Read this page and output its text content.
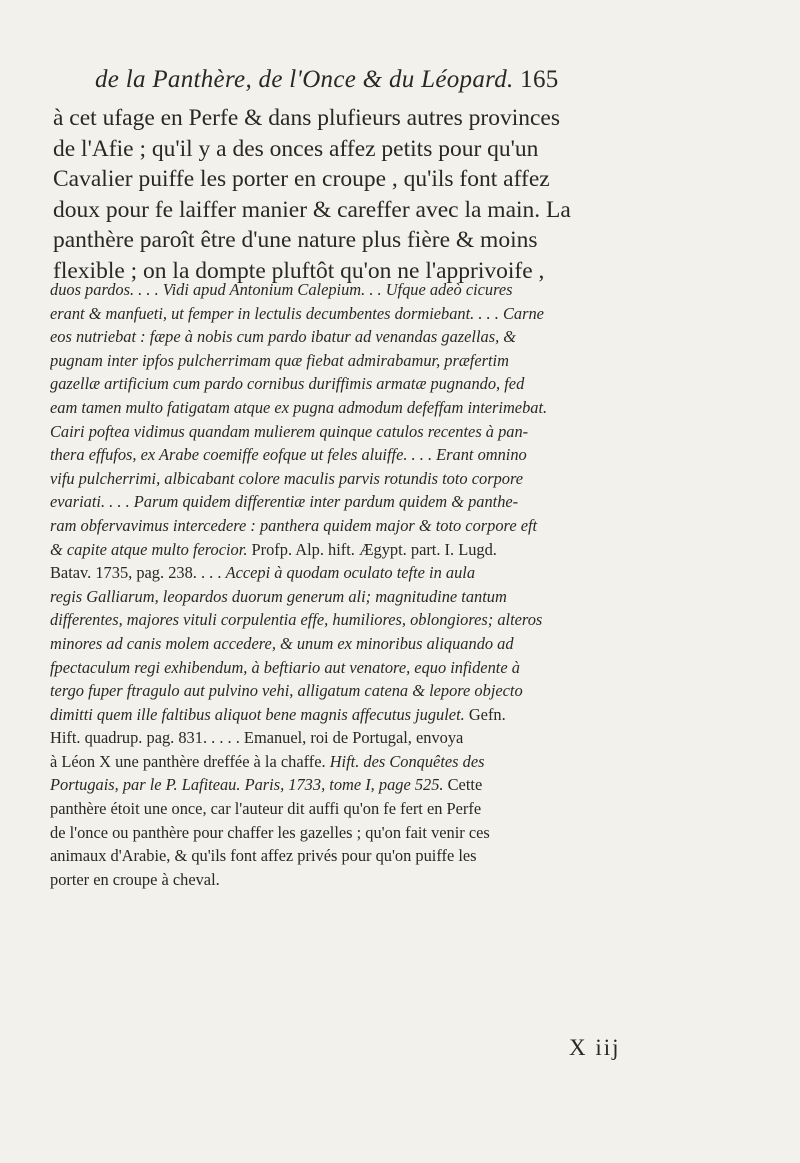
de la Panthère, de l'Once & du Léopard. 165
à cet ufage en Perfe & dans plufieurs autres provinces
de l'Afie ; qu'il y a des onces affez petits pour qu'un
Cavalier puiffe les porter en croupe , qu'ils font affez
doux pour fe laiffer manier & careffer avec la main. La
panthère paroît être d'une nature plus fière & moins
flexible ; on la dompte pluftôt qu'on ne l'apprivoife ,
duos pardos. . . . Vidi apud Antonium Calepium. . . Ufque adeò cicures
erant & manfueti, ut femper in lectulis decumbentes dormiebant. . . . Carne
eos nutriebat : fæpe à nobis cum pardo ibatur ad venandas gazellas, &
pugnam inter ipfos pulcherrimam quæ fiebat admirabamur, præfertim
gazellæ artificium cum pardo cornibus duriffimis armatæ pugnando, fed
eam tamen multo fatigatam atque ex pugna admodum defeffam interimebat.
Cairi poftea vidimus quandam mulierem quinque catulos recentes à pan-
thera effufos, ex Arabe coemiffe eofque ut feles aluiffe. . . . Erant omnino
vifu pulcherrimi, albicabant colore maculis parvis rotundis toto corpore
evariati. . . . Parum quidem differentiæ inter pardum quidem & panthe-
ram obfervavimus intercedere : panthera quidem major & toto corpore eft
& capite atque multo ferocior. Profp. Alp. hift. Ægypt. part. I. Lugd.
Batav. 1735, pag. 238. . . . Accepi à quodam oculato tefte in aula
regis Galliarum, leopardos duorum generum ali; magnitudine tantum
differentes, majores vituli corpulentia effe, humiliores, oblongiores; alteros
minores ad canis molem accedere, & unum ex minoribus aliquando ad
fpectaculum regi exhibendum, à beftiario aut venatore, equo infidente à
tergo fuper ftragulo aut pulvino vehi, alligatum catena & lepore objecto
dimitti quem ille faltibus aliquot bene magnis affecutus jugulet. Gefn.
Hift. quadrup. pag. 831. . . . . Emanuel, roi de Portugal, envoya
à Léon X une panthère dreffée à la chaffe. Hift. des Conquêtes des
Portugais, par le P. Lafiteau. Paris, 1733, tome I, page 525. Cette
panthère étoit une once, car l'auteur dit auffi qu'on fe fert en Perfe
de l'once ou panthère pour chaffer les gazelles ; qu'on fait venir ces
animaux d'Arabie, & qu'ils font affez privés pour qu'on puiffe les
porter en croupe à cheval.
X iij
